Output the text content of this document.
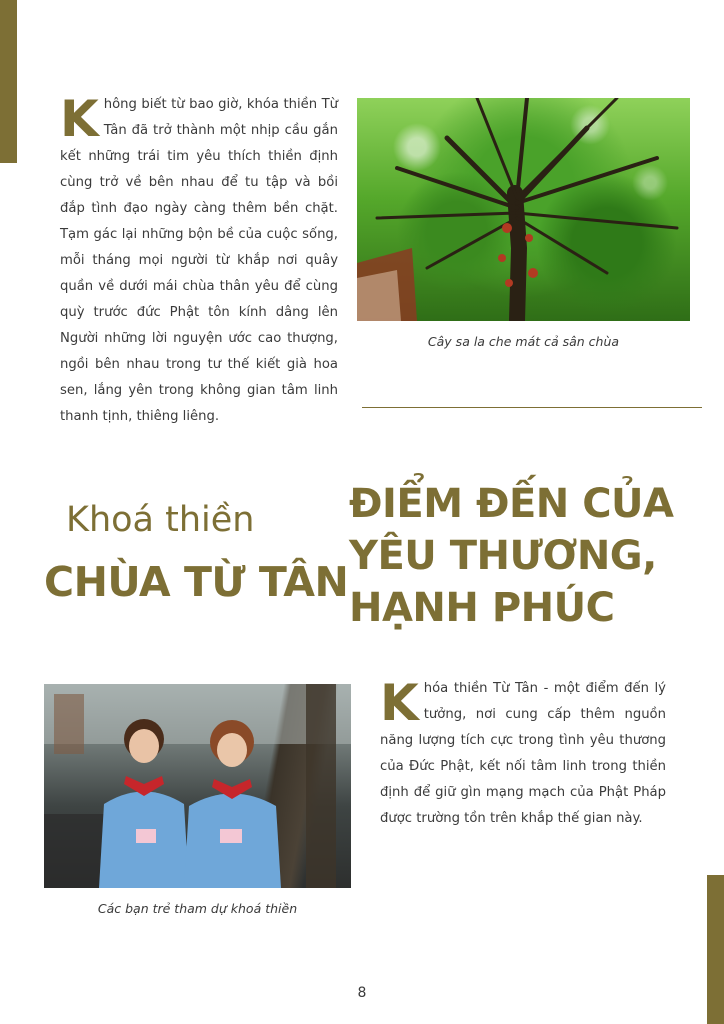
Không biết từ bao giờ, khóa thiền Từ Tân đã trở thành một nhịp cầu gắn kết những trái tim yêu thích thiền định cùng trở về bên nhau để tu tập và bồi đắp tình đạo ngày càng thêm bền chặt. Tạm gác lại những bộn bề của cuộc sống, mỗi tháng mọi người từ khắp nơi quây quần về dưới mái chùa thân yêu để cùng quỳ trước đức Phật tôn kính dâng lên Người những lời nguyện ước cao thượng, ngồi bên nhau trong tư thế kiết già hoa sen, lắng yên trong không gian tâm linh thanh tịnh, thiêng liêng.

Cây sa la che mát cả sân chùa

Khoá thiền

CHÙA TỪ TÂN

ĐIỂM ĐẾN CỦA
YÊU THƯƠNG,
HẠNH PHÚC

Các bạn trẻ tham dự khoá thiền

Khóa thiền Từ Tân - một điểm đến lý tưởng, nơi cung cấp thêm nguồn năng lượng tích cực trong tình yêu thương của Đức Phật, kết nối tâm linh trong thiền định để giữ gìn mạng mạch của Phật Pháp được trường tồn trên khắp thế gian này.

8
